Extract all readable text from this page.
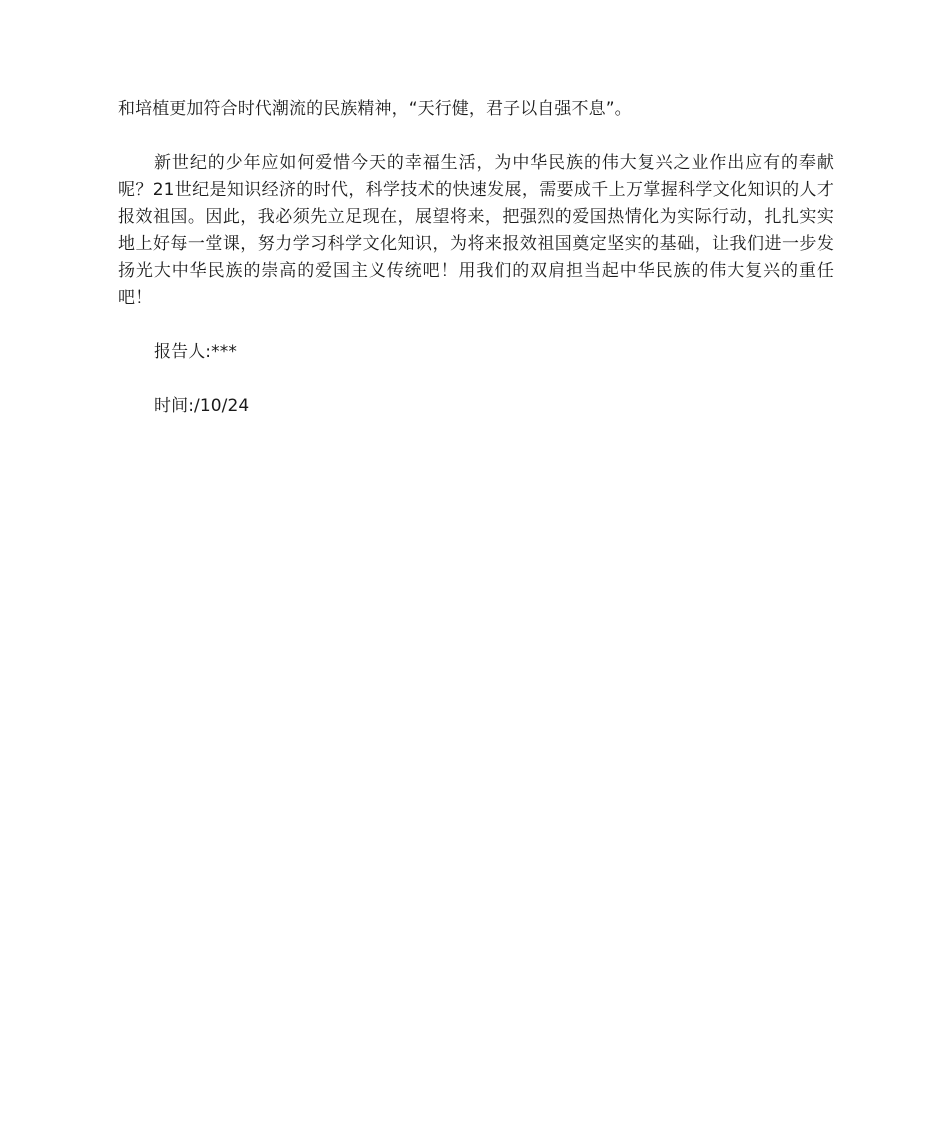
和培植更加符合时代潮流的民族精神，“天行健，君子以自强不息”。

新世纪的少年应如何爱惜今天的幸福生活，为中华民族的伟大复兴之业作出应有的奉献呢？21世纪是知识经济的时代，科学技术的快速发展，需要成千上万掌握科学文化知识的人才报效祖国。因此，我必须先立足现在，展望将来，把强烈的爱国热情化为实际行动，扎扎实实地上好每一堂课，努力学习科学文化知识，为将来报效祖国奠定坚实的基础，让我们进一步发扬光大中华民族的崇高的爱国主义传统吧！用我们的双肩担当起中华民族的伟大复兴的重任吧！

报告人:***

时间:/10/24
